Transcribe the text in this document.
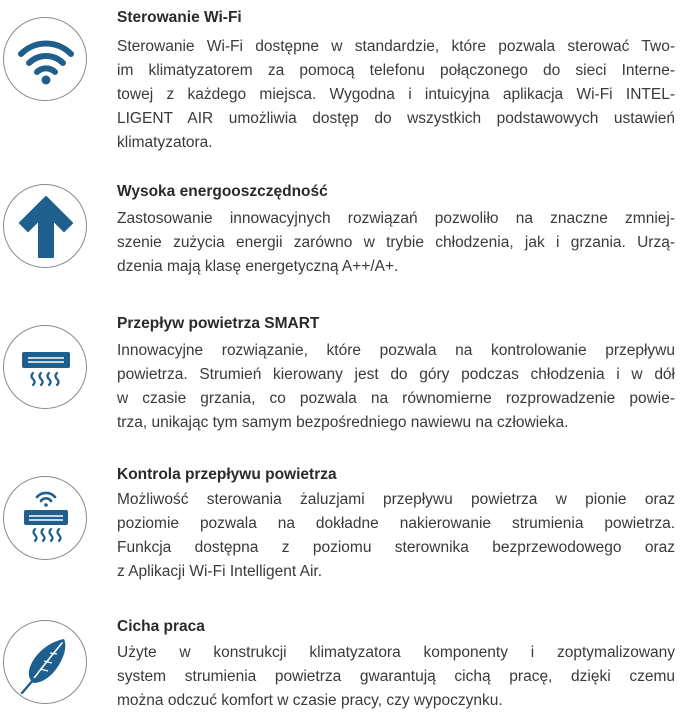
Sterowanie Wi-Fi
Sterowanie Wi-Fi dostępne w standardzie, które pozwala sterować Two-
im klimatyzatorem za pomocą telefonu połączonego do sieci Interne-
towej z każdego miejsca. Wygodna i intuicyjna aplikacja Wi-Fi INTEL-
LIGENT AIR umożliwia dostęp do wszystkich podstawowych ustawień
klimatyzatora.
Wysoka energooszczędność
Zastosowanie innowacyjnych rozwiązań pozwoliło na znaczne zmniej-
szenie zużycia energii zarówno w trybie chłodzenia, jak i grzania. Urzą-
dzenia mają klasę energetyczną A++/A+.
Przepływ powietrza SMART
Innowacyjne rozwiązanie, które pozwala na kontrolowanie przepływu
powietrza. Strumień kierowany jest do góry podczas chłodzenia i w dół
w czasie grzania, co pozwala na równomierne rozprowadzenie powie-
trza, unikając tym samym bezpośredniego nawiewu na człowieka.
Kontrola przepływu powietrza
Możliwość sterowania żaluzjami przepływu powietrza w pionie oraz
poziomie pozwala na dokładne nakierowanie strumienia powietrza.
Funkcja dostępna z poziomu sterownika bezprzewodowego oraz
z Aplikacji Wi-Fi Intelligent Air.
Cicha praca
Użyte w konstrukcji klimatyzatora komponenty i zoptymalizowany
system strumienia powietrza gwarantują cichą pracę, dzięki czemu
można odczuć komfort w czasie pracy, czy wypoczynku.
